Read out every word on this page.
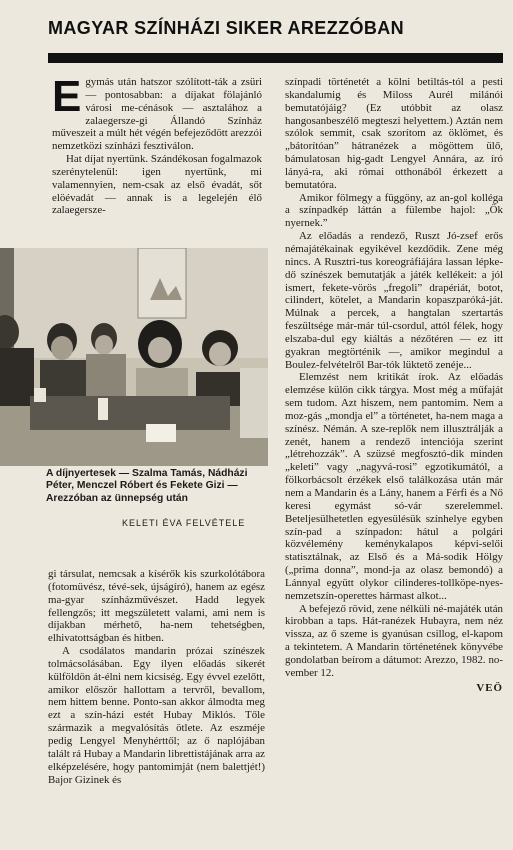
MAGYAR SZÍNHÁZI SIKER AREZZÓBAN

Egymás után hatszor szólított-ták a zsüri — pontosabban: a díjakat fölajánló városi me-cénások — asztalához a zalaegersze-gi Állandó Színház műveszeit a múlt hét végén befejeződött arezzói nemzetközi színházi fesztiválon.

Hat díjat nyertünk. Szándékosan fogalmazok szerénytelenül: igen nyertünk, mi valamennyien, nem-csak az első évadát, sőt elöévadát — annak is a legelején élő zalaegersze-

A díjnyertesek — Szalma Tamás, Nádházi Péter, Menczel Róbert és Fekete Gizi — Arezzóban az ünnepség után
KELETI ÉVA FELVÉTELE

gi társulat, nemcsak a kísérők kis szurkolótábora (fotomüvész, tévé-sek, újságíró), hanem az egész ma-gyar színházművészet. Hadd legyek fellengzős; itt megszületett valami, ami nem is díjakban mérhető, ha-nem tehetségben, elhivatottságban és hitben.

A csodálatos mandarin prózai színészek tolmácsolásában. Egy ilyen előadás sikerét külföldön át-élni nem kicsiség. Egy évvel ezelőtt, amikor először hallottam a tervről, bevallom, nem hittem benne. Ponto-san akkor álmodta meg ezt a szín-házi estét Hubay Miklós. Tőle származik a megvalósítás ötlete. Az eszméje pedig Lengyel Menyhérttől; az ő naplójában talált rá Hubay a Mandarin librettistájának arra az elképzelésére, hogy pantomimját (nem balettjét!) Bajor Gizinek és

színpadi történetét a kölni betiltás-tól a pesti skandalumig és Miloss Aurél milánói bemutatójáig? (Ez utóbbit az olasz hangosanbeszélő megteszi helyettem.) Aztán nem szólok semmit, csak szorítom az öklömet, és „bátorítóan” hátranézek a mögöttem ülő, bámulatosan hig-gadt Lengyel Annára, az író lányá-ra, aki római otthonából érkezett a bemutatóra.

Amikor fölmegy a függöny, az an-gol kolléga a színpadkép láttán a fülembe hajol: „Ők nyernek.”

Az előadás a rendező, Ruszt Jó-zsef erős némajátékainak egyikével kezdődik. Zene még nincs. A Rusztri-tus koreográfiájára lassan lépke-dő színészek bemutatják a játék kellékeit: a jól ismert, fekete-vörös „fregoli” drapériát, botot, cilindert, kötelet, a Mandarin kopaszparóká-ját. Múlnak a percek, a hangtalan szertartás feszültsége már-már túl-csordul, attól félek, hogy elszaba-dul egy kiáltás a nézőtéren — ez itt gyakran megtörténik —, amikor megindul a Boulez-felvételről Bar-tók lüktető zenéje...

Elemzést nem kritikát írok. Az előadás elemzése külön cikk tárgya. Most még a műfaját sem tudom. Azt hiszem, nem pantomim. Nem a moz-gás „mondja el” a történetet, ha-nem maga a színész. Némán. A sze-replők nem illusztrálják a zenét, hanem a rendező intenciója szerint „létrehozzák”. A szüzsé megfosztó-dik minden „keleti” vagy „nagyvá-rosi” egzotikumától, a fölkorbácsolt érzékek első találkozása után már nem a Mandarin és a Lány, hanem a Férfi és a Nő keresi egymást só-vár szerelemmel. Beteljesülhetetlen egyesülésük színhelye egyben szín-pad a színpadon: hátul a polgári közvélemény keménykalapos képvi-selői statisztálnak, az Első és a Má-sodik Hölgy („prima donna”, mond-ja az olasz bemondó) a Lánnyal együtt olykor cilinderes-tollköpe-nyes-nemzetszín-operettes hármast alkot...

A befejező rövid, zene nélküli né-majáték után kirobban a taps. Hát-ranézek Hubayra, nem néz vissza, az ő szeme is gyanúsan csillog, el-kapom a tekintetem. A Mandarin történetének könyvébe gondolatban beírom a dátumot: Arezzo, 1982. no-vember 12.

VEÖ
